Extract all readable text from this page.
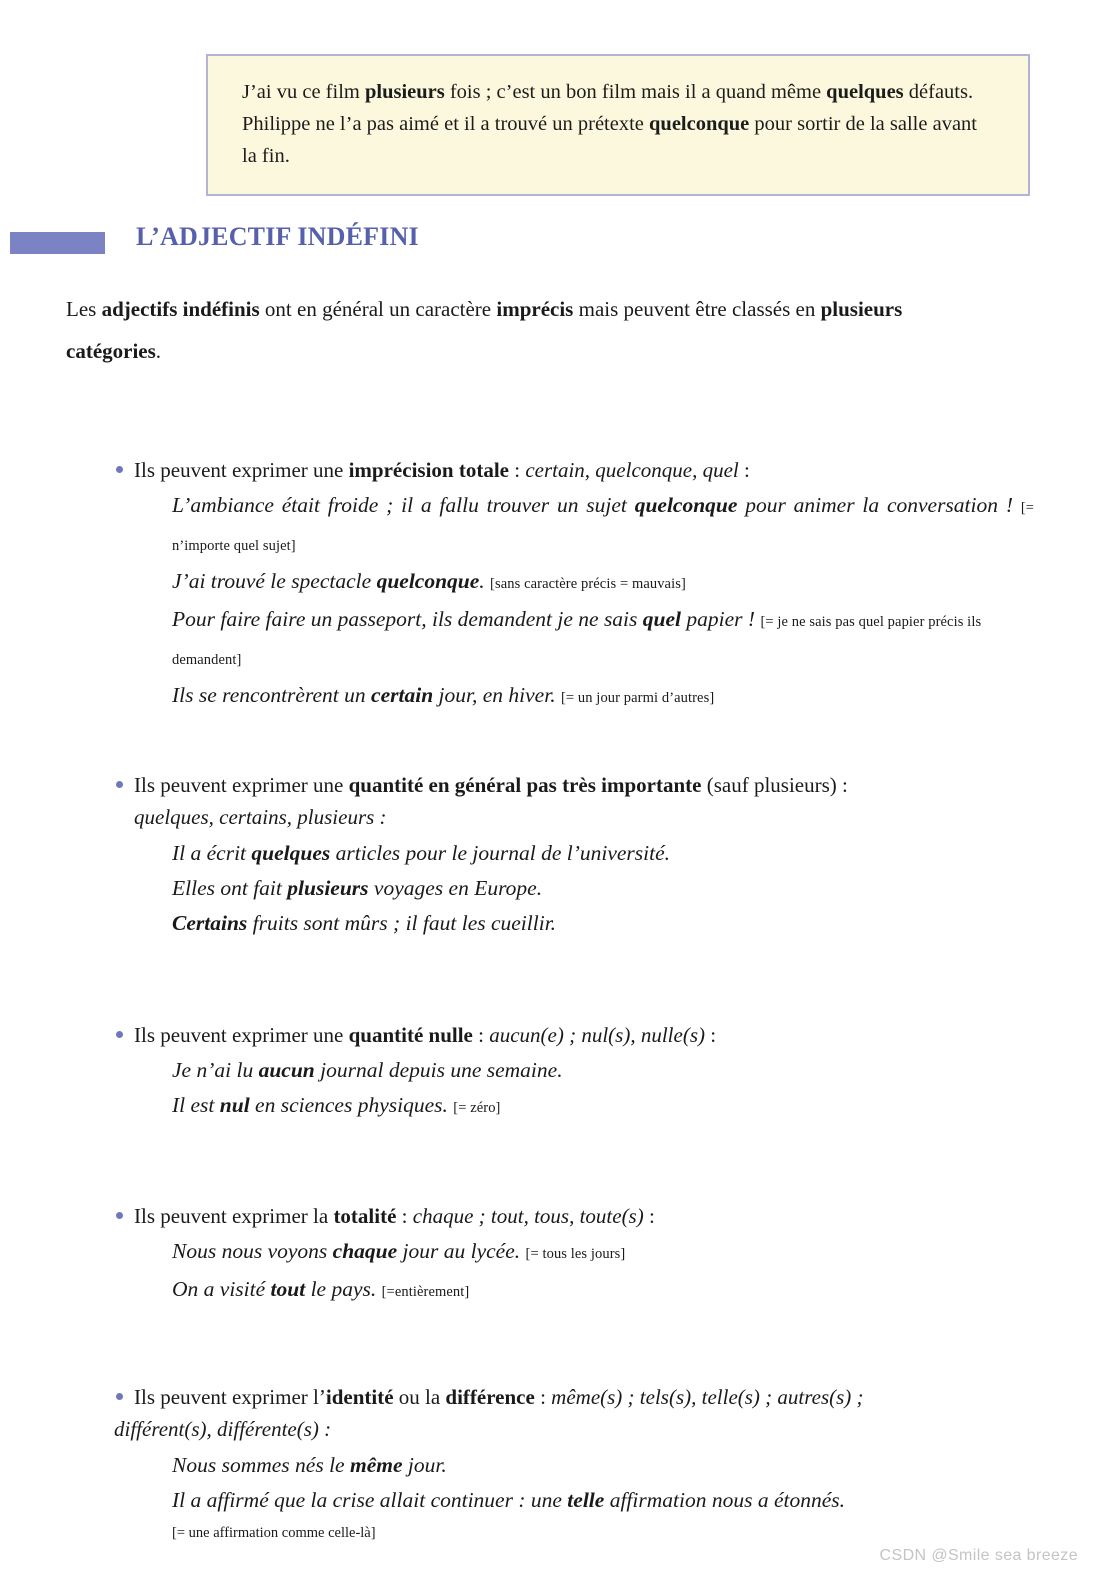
J’ai vu ce film plusieurs fois ; c’est un bon film mais il a quand même quelques défauts. Philippe ne l’a pas aimé et il a trouvé un prétexte quelconque pour sortir de la salle avant la fin.

L’ADJECTIF INDÉFINI
Les adjectifs indéfinis ont en général un caractère imprécis mais peuvent être classés en plusieurs catégories.
Ils peuvent exprimer une imprécision totale : certain, quelconque, quel :
L’ambiance était froide ; il a fallu trouver un sujet quelconque pour animer la conversation ! [= n’importe quel sujet]
J’ai trouvé le spectacle quelconque. [sans caractère précis = mauvais]
Pour faire faire un passeport, ils demandent je ne sais quel papier ! [= je ne sais pas quel papier précis ils demandent]
Ils se rencontrèrent un certain jour, en hiver. [= un jour parmi d’autres]
Ils peuvent exprimer une quantité en général pas très importante (sauf plusieurs) :
quelques, certains, plusieurs :
Il a écrit quelques articles pour le journal de l’université.
Elles ont fait plusieurs voyages en Europe.
Certains fruits sont mûrs ; il faut les cueillir.
Ils peuvent exprimer une quantité nulle : aucun(e) ; nul(s), nulle(s) :
Je n’ai lu aucun journal depuis une semaine.
Il est nul en sciences physiques. [= zéro]
Ils peuvent exprimer la totalité : chaque ; tout, tous, toute(s) :
Nous nous voyons chaque jour au lycée. [= tous les jours]
On a visité tout le pays. [=entièrement]
Ils peuvent exprimer l’identité ou la différence : même(s) ; tels(s), telle(s) ; autres(s) ;
différent(s), différente(s) :
Nous sommes nés le même jour.
Il a affirmé que la crise allait continuer : une telle affirmation nous a étonnés.
[= une affirmation comme celle-là]
CSDN @Smile sea breeze
